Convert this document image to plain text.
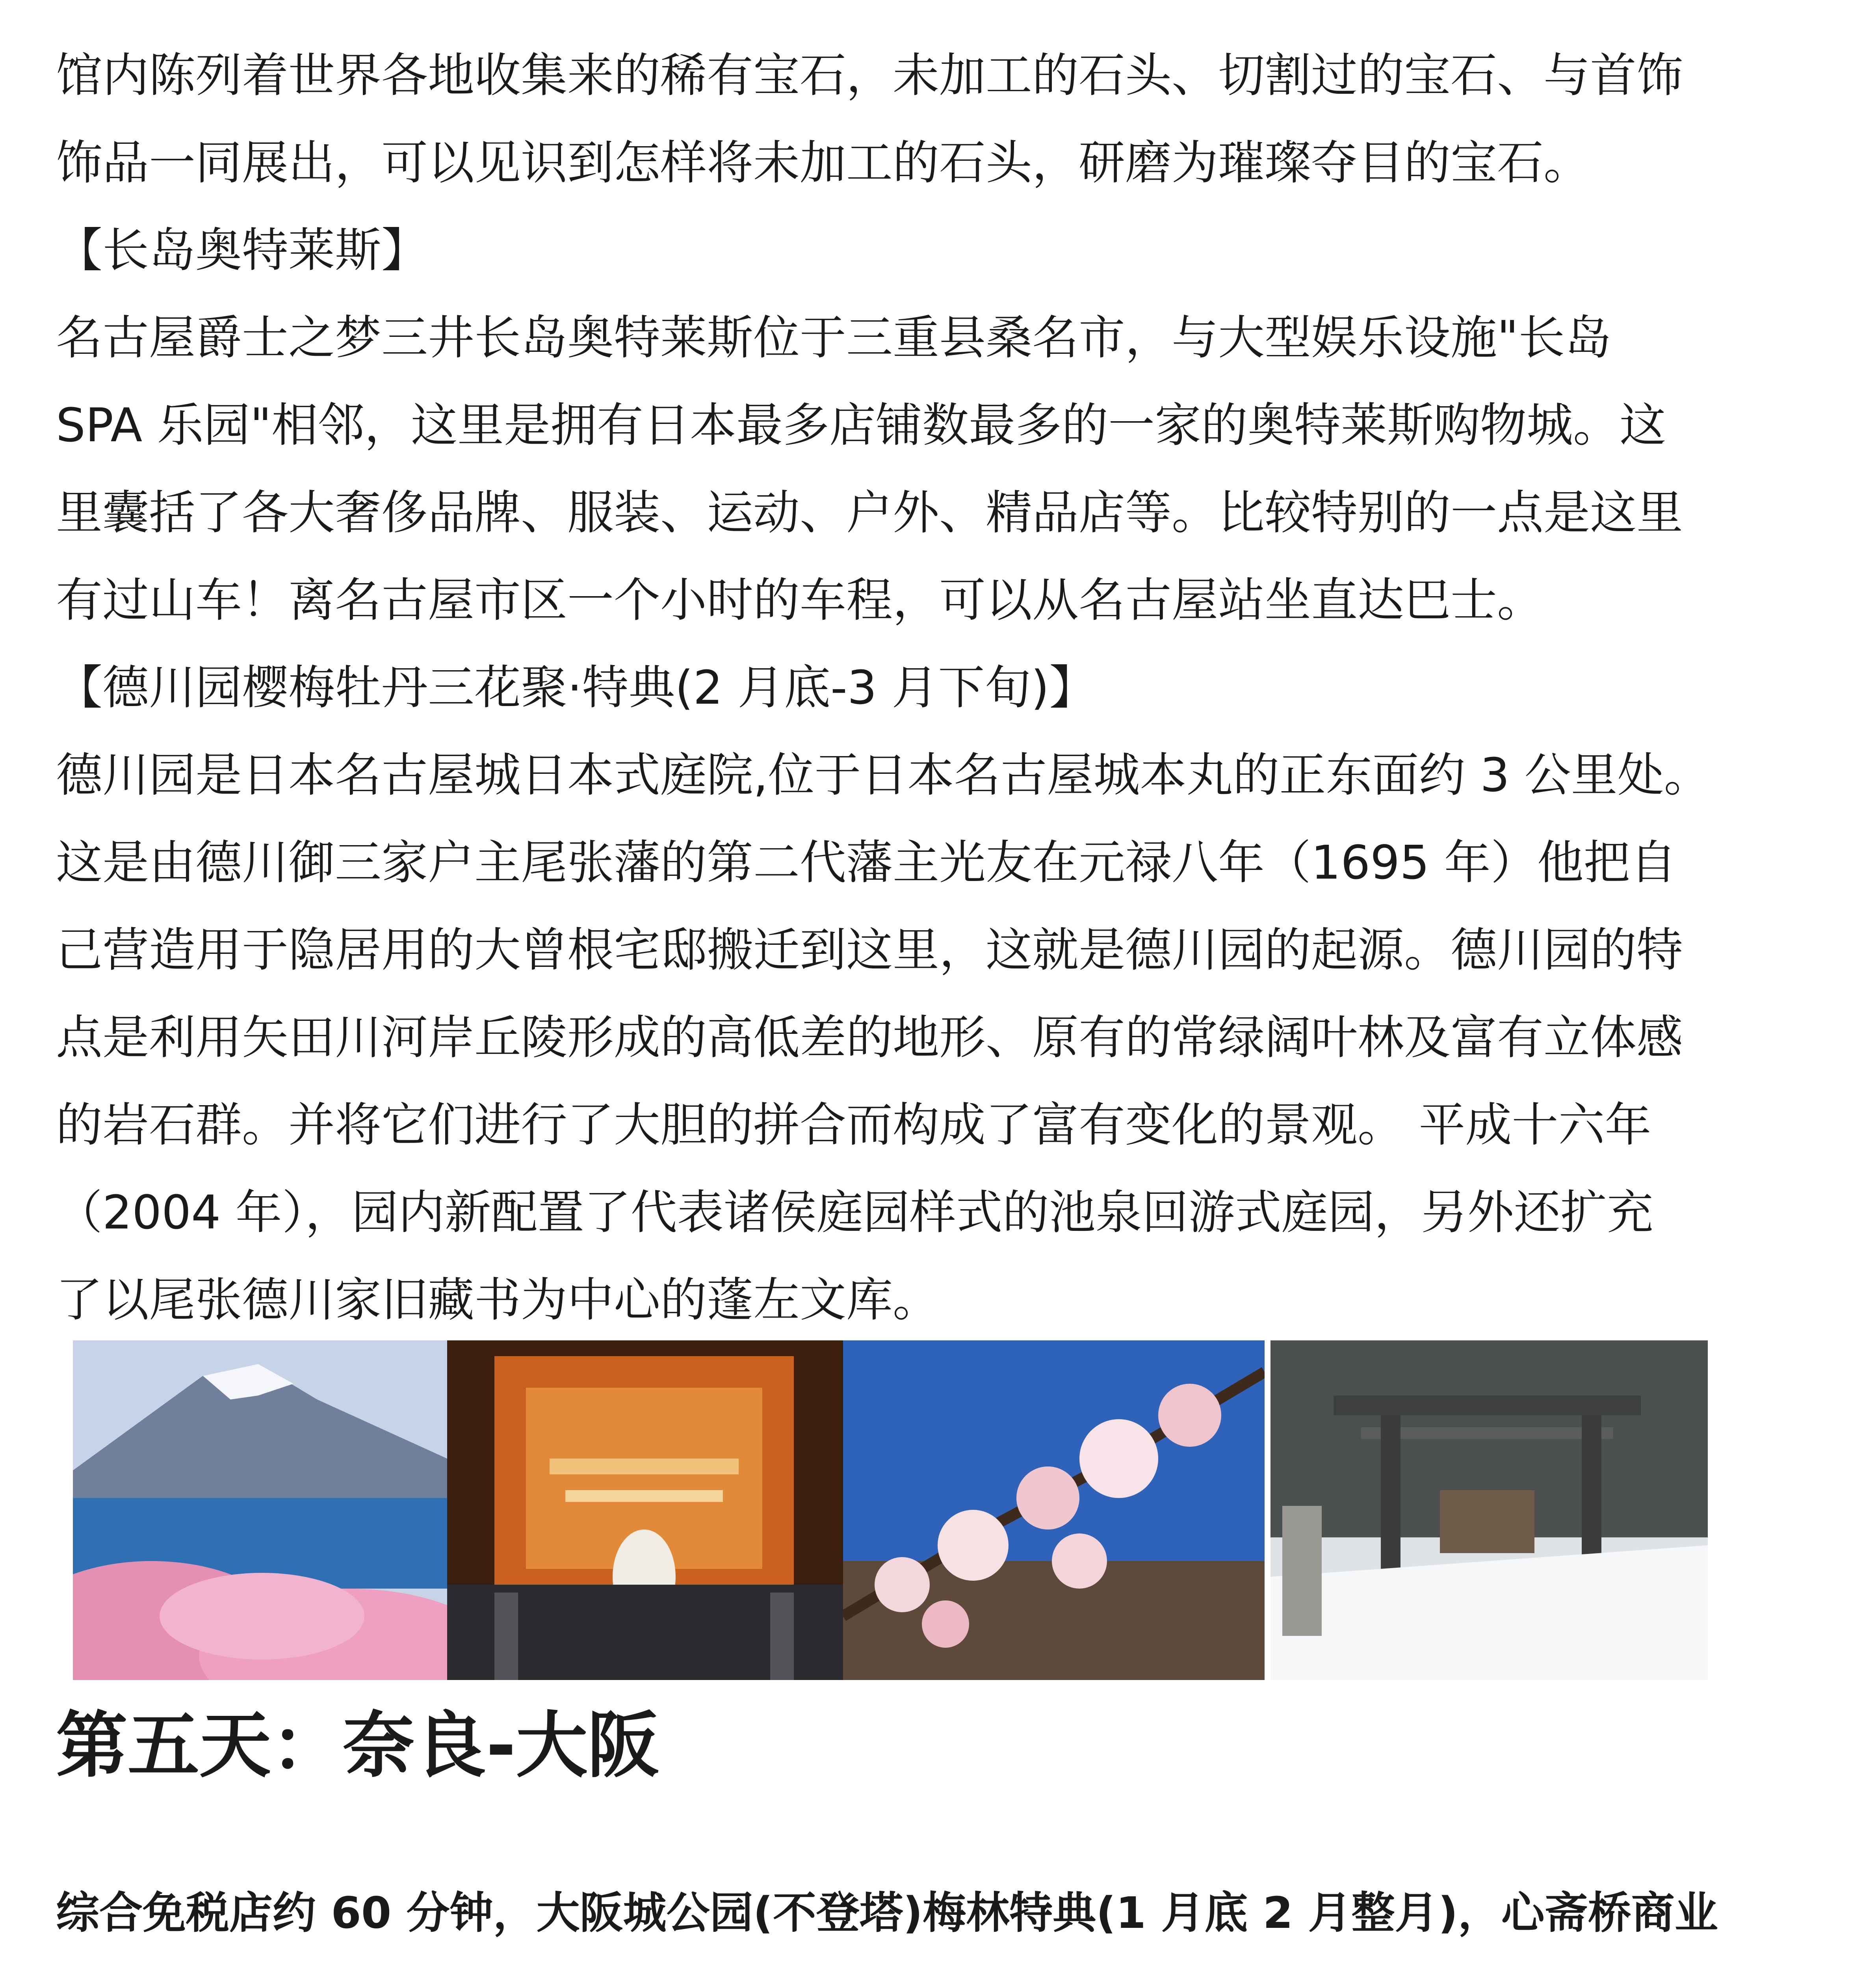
馆内陈列着世界各地收集来的稀有宝石，未加工的石头、切割过的宝石、与首饰
饰品一同展出，可以见识到怎样将未加工的石头，研磨为璀璨夺目的宝石。

【长岛奥特莱斯】

名古屋爵士之梦三井长岛奥特莱斯位于三重县桑名市，与大型娱乐设施"长岛
SPA 乐园"相邻，这里是拥有日本最多店铺数最多的一家的奥特莱斯购物城。这
里囊括了各大奢侈品牌、服装、运动、户外、精品店等。比较特别的一点是这里
有过山车！离名古屋市区一个小时的车程，可以从名古屋站坐直达巴士。

【德川园樱梅牡丹三花聚·特典(2 月底-3 月下旬)】

德川园是日本名古屋城日本式庭院,位于日本名古屋城本丸的正东面约 3 公里处。
这是由德川御三家户主尾张藩的第二代藩主光友在元禄八年（1695 年）他把自
己营造用于隐居用的大曾根宅邸搬迁到这里，这就是德川园的起源。德川园的特
点是利用矢田川河岸丘陵形成的高低差的地形、原有的常绿阔叶林及富有立体感
的岩石群。并将它们进行了大胆的拼合而构成了富有变化的景观。 平成十六年
（2004 年），园内新配置了代表诸侯庭园样式的池泉回游式庭园，另外还扩充
了以尾张德川家旧藏书为中心的蓬左文库。

第五天：奈良-大阪

综合免税店约 60 分钟，大阪城公园(不登塔)梅林特典(1 月底 2 月整月)，心斋桥商业
